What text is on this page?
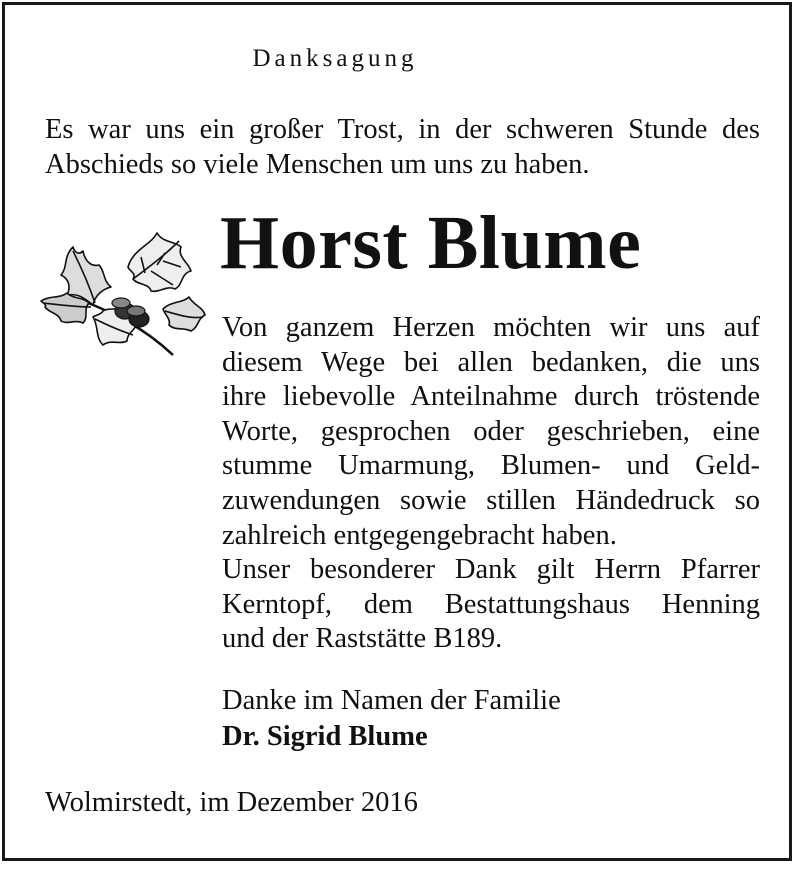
Danksagung
Es war uns ein großer Trost, in der schweren Stunde des Abschieds so viele Menschen um uns zu haben.
Horst Blume

Von ganzem Herzen möchten wir uns auf
diesem Wege bei allen bedanken, die uns
ihre liebevolle Anteilnahme durch tröstende
Worte, gesprochen oder geschrieben, eine
stumme Umarmung, Blumen- und Geld-
zuwendungen sowie stillen Händedruck so
zahlreich entgegengebracht haben.

Unser besonderer Dank gilt Herrn Pfarrer
Kerntopf, dem Bestattungshaus Henning
und der Raststätte B189.

Danke im Namen der Familie
Dr. Sigrid Blume
Wolmirstedt, im Dezember 2016
